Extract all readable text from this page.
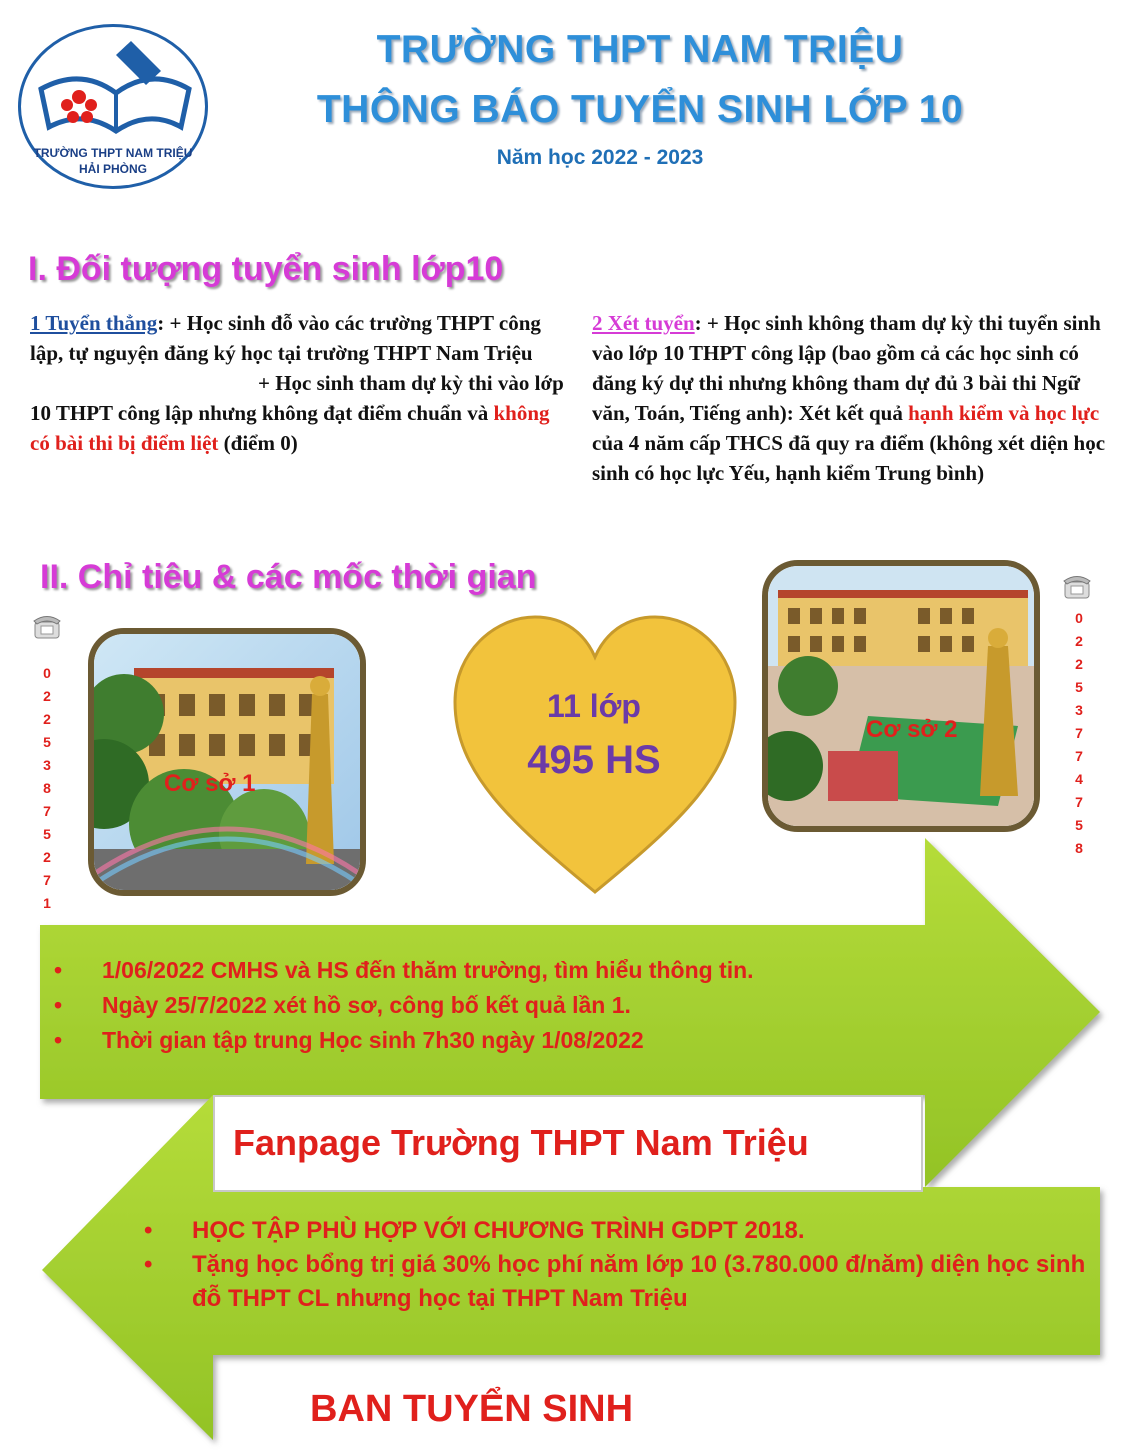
TRƯỜNG THPT NAM TRIỆU
HẢI PHÒNG
TRƯỜNG THPT NAM TRIỆU
THÔNG BÁO TUYỂN SINH LỚP 10
Năm học 2022 - 2023
I. Đối tượng tuyển sinh lớp10
1 Tuyển thẳng: + Học sinh đỗ vào các trường THPT công lập, tự nguyện đăng ký học tại trường THPT Nam Triệu
+ Học sinh tham dự kỳ thi vào lớp 10 THPT công lập nhưng không đạt điểm chuẩn và không có bài thi bị điểm liệt (điểm 0)
2 Xét tuyển: + Học sinh không tham dự kỳ thi tuyển sinh vào lớp 10 THPT công lập (bao gồm cả các học sinh có đăng ký dự thi nhưng không tham dự đủ 3 bài thi Ngữ văn, Toán, Tiếng anh): Xét kết quả hạnh kiểm và học lực của 4 năm cấp THCS đã quy ra điểm (không xét diện học sinh có học lực Yếu, hạnh kiểm Trung bình)
II. Chỉ tiêu & các mốc thời gian
0
2
2
5
3
8
7
5
2
7
1
0
2
2
5
3
7
7
4
7
5
8
Cơ sở 1
Cơ sở 2
11 lớp
495 HS
• 1/06/2022 CMHS và HS đến thăm trường, tìm hiểu thông tin.
• Ngày 25/7/2022 xét hồ sơ, công bố kết quả lần 1.
• Thời gian tập trung Học sinh 7h30 ngày 1/08/2022
Fanpage Trường THPT Nam Triệu
• HỌC TẬP PHÙ HỢP VỚI CHƯƠNG TRÌNH GDPT 2018.
• Tặng học bổng trị giá 30% học phí năm lớp 10 (3.780.000 đ/năm) diện học sinh đỗ THPT CL nhưng học tại THPT Nam Triệu
BAN TUYỂN SINH
